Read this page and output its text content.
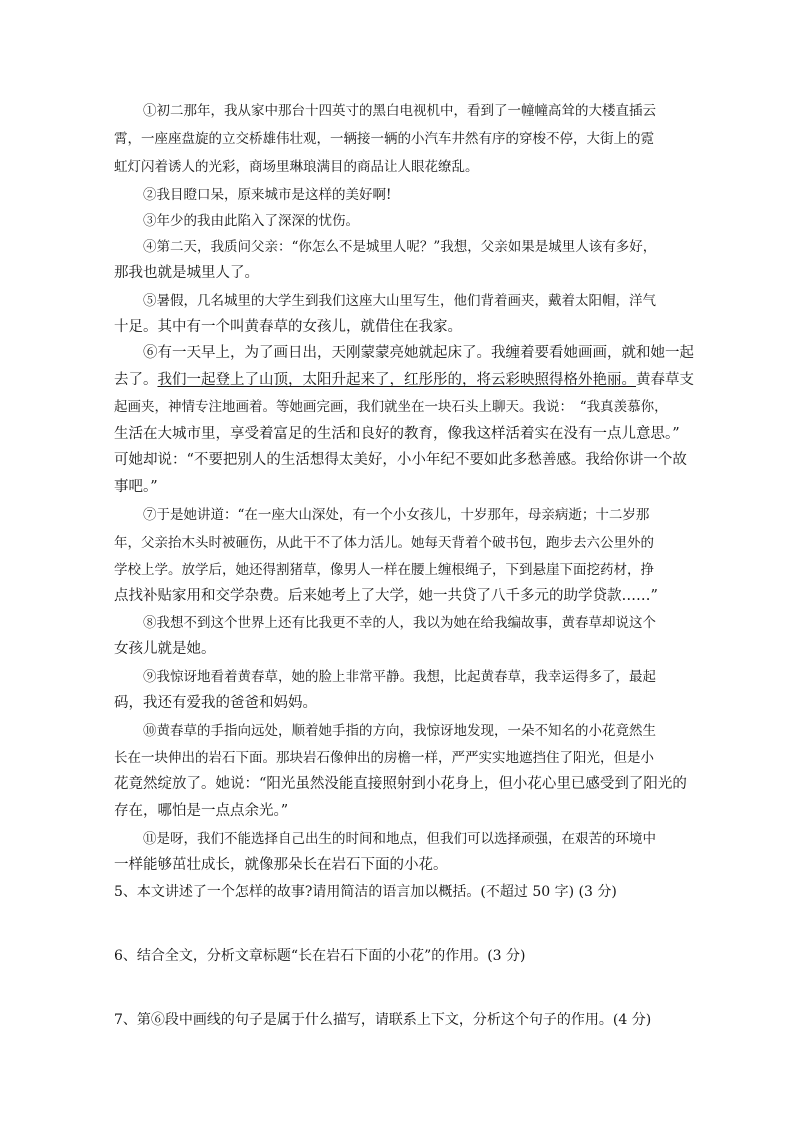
①初二那年，我从家中那台十四英寸的黑白电视机中，看到了一幢幢高耸的大楼直插云
霄，一座座盘旋的立交桥雄伟壮观，一辆接一辆的小汽车井然有序的穿梭不停，大街上的霓
虹灯闪着诱人的光彩，商场里琳琅满目的商品让人眼花缭乱。
②我目瞪口呆，原来城市是这样的美好啊!
③年少的我由此陷入了深深的忧伤。
④第二天，我质问父亲：“你怎么不是城里人呢？”我想，父亲如果是城里人该有多好，
那我也就是城里人了。
⑤暑假，几名城里的大学生到我们这座大山里写生，他们背着画夹，戴着太阳帽，洋气
十足。其中有一个叫黄春草的女孩儿，就借住在我家。
⑥有一天早上，为了画日出，天刚蒙蒙亮她就起床了。我缠着要看她画画，就和她一起
去了。我们一起登上了山顶，太阳升起来了，红彤彤的，将云彩映照得格外艳丽。黄春草支
起画夹，神情专注地画着。等她画完画，我们就坐在一块石头上聊天。我说：　“我真羡慕你，
生活在大城市里，享受着富足的生活和良好的教育，像我这样活着实在没有一点儿意思。”
可她却说：“不要把别人的生活想得太美好，小小年纪不要如此多愁善感。我给你讲一个故
事吧。”
⑦于是她讲道：“在一座大山深处，有一个小女孩儿，十岁那年，母亲病逝；十二岁那
年，父亲抬木头时被砸伤，从此干不了体力活儿。她每天背着个破书包，跑步去六公里外的
学校上学。放学后，她还得割猪草，像男人一样在腰上缠根绳子，下到悬崖下面挖药材，挣
点找补贴家用和交学杂费。后来她考上了大学，她一共贷了八千多元的助学贷款……”
⑧我想不到这个世界上还有比我更不幸的人，我以为她在给我编故事，黄春草却说这个
女孩儿就是她。
⑨我惊讶地看着黄春草，她的脸上非常平静。我想，比起黄春草，我幸运得多了，最起
码，我还有爱我的爸爸和妈妈。
⑩黄春草的手指向远处，顺着她手指的方向，我惊讶地发现，一朵不知名的小花竟然生
长在一块伸出的岩石下面。那块岩石像伸出的房檐一样，严严实实地遮挡住了阳光，但是小
花竟然绽放了。她说：“阳光虽然没能直接照射到小花身上，但小花心里已感受到了阳光的
存在，哪怕是一点点余光。”
⑪是呀，我们不能选择自己出生的时间和地点，但我们可以选择顽强，在艰苦的环境中
一样能够茁壮成长，就像那朵长在岩石下面的小花。
5、本文讲述了一个怎样的故事?请用简洁的语言加以概括。(不超过 50 字) (3 分)
6、结合全文，分析文章标题“长在岩石下面的小花”的作用。(3 分)
7、第⑥段中画线的句子是属于什么描写，请联系上下文，分析这个句子的作用。(4 分)
